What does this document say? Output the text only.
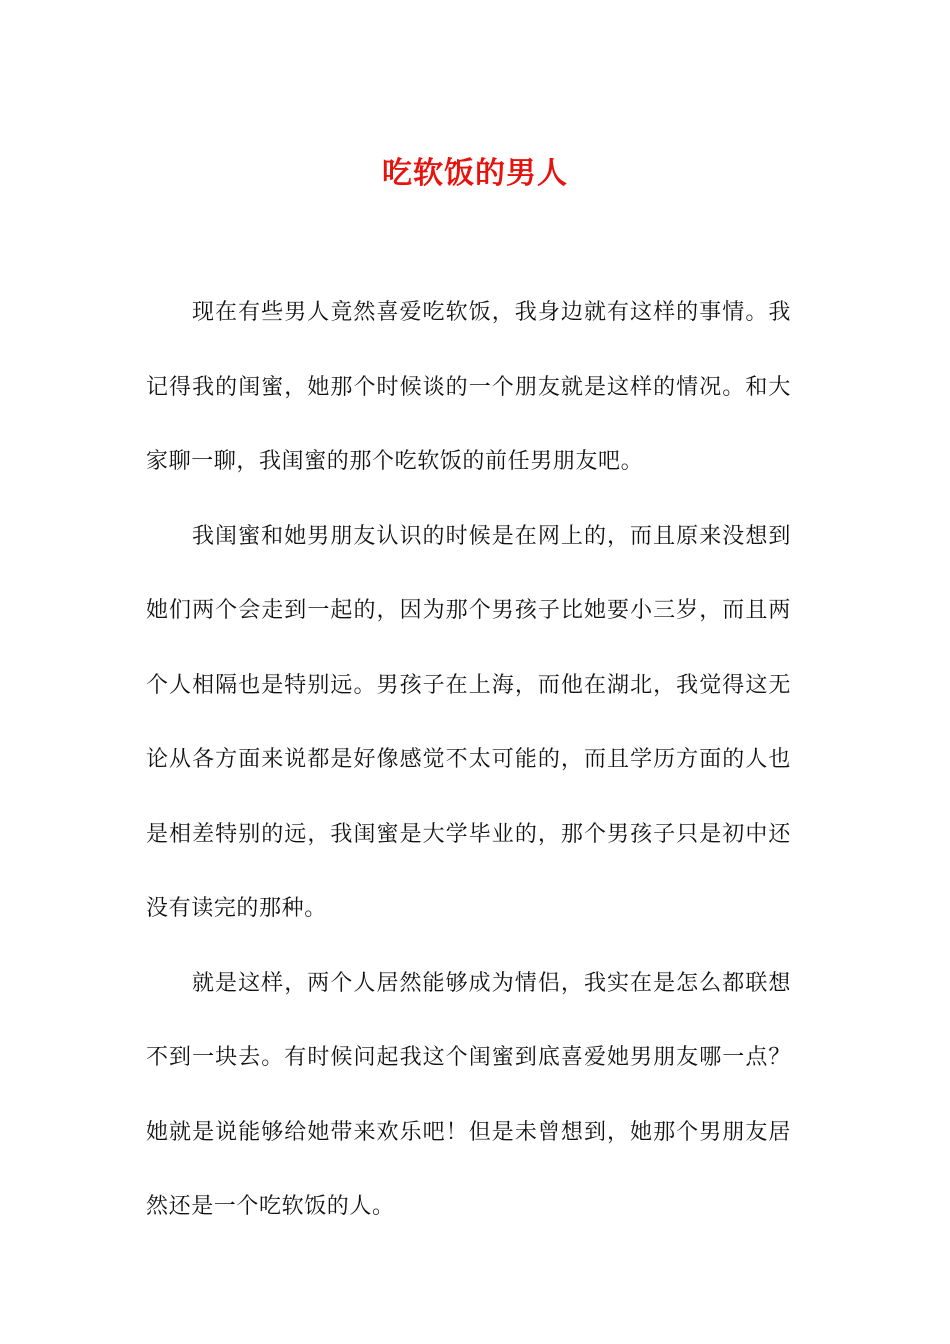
吃软饭的男人

现在有些男人竟然喜爱吃软饭，我身边就有这样的事情。我记得我的闺蜜，她那个时候谈的一个朋友就是这样的情况。和大家聊一聊，我闺蜜的那个吃软饭的前任男朋友吧。

我闺蜜和她男朋友认识的时候是在网上的，而且原来没想到她们两个会走到一起的，因为那个男孩子比她要小三岁，而且两个人相隔也是特别远。男孩子在上海，而他在湖北，我觉得这无论从各方面来说都是好像感觉不太可能的，而且学历方面的人也是相差特别的远，我闺蜜是大学毕业的，那个男孩子只是初中还没有读完的那种。

就是这样，两个人居然能够成为情侣，我实在是怎么都联想不到一块去。有时候问起我这个闺蜜到底喜爱她男朋友哪一点？她就是说能够给她带来欢乐吧！但是未曾想到，她那个男朋友居然还是一个吃软饭的人。
